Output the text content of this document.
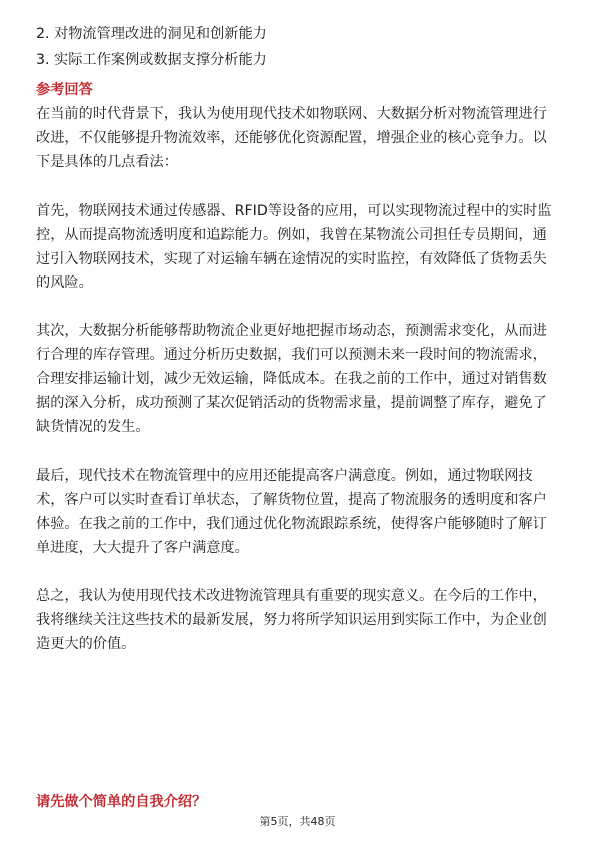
2. 对物流管理改进的洞见和创新能力
3. 实际工作案例或数据支撑分析能力
参考回答
在当前的时代背景下，我认为使用现代技术如物联网、大数据分析对物流管理进行
改进，不仅能够提升物流效率，还能够优化资源配置，增强企业的核心竞争力。以
下是具体的几点看法：
首先，物联网技术通过传感器、RFID等设备的应用，可以实现物流过程中的实时监
控，从而提高物流透明度和追踪能力。例如，我曾在某物流公司担任专员期间，通
过引入物联网技术，实现了对运输车辆在途情况的实时监控，有效降低了货物丢失
的风险。
其次，大数据分析能够帮助物流企业更好地把握市场动态，预测需求变化，从而进
行合理的库存管理。通过分析历史数据，我们可以预测未来一段时间的物流需求，
合理安排运输计划，减少无效运输，降低成本。在我之前的工作中，通过对销售数
据的深入分析，成功预测了某次促销活动的货物需求量，提前调整了库存，避免了
缺货情况的发生。
最后，现代技术在物流管理中的应用还能提高客户满意度。例如，通过物联网技
术，客户可以实时查看订单状态，了解货物位置，提高了物流服务的透明度和客户
体验。在我之前的工作中，我们通过优化物流跟踪系统，使得客户能够随时了解订
单进度，大大提升了客户满意度。
总之，我认为使用现代技术改进物流管理具有重要的现实意义。在今后的工作中，
我将继续关注这些技术的最新发展，努力将所学知识运用到实际工作中，为企业创
造更大的价值。
请先做个简单的自我介绍？
第5页，共48页
